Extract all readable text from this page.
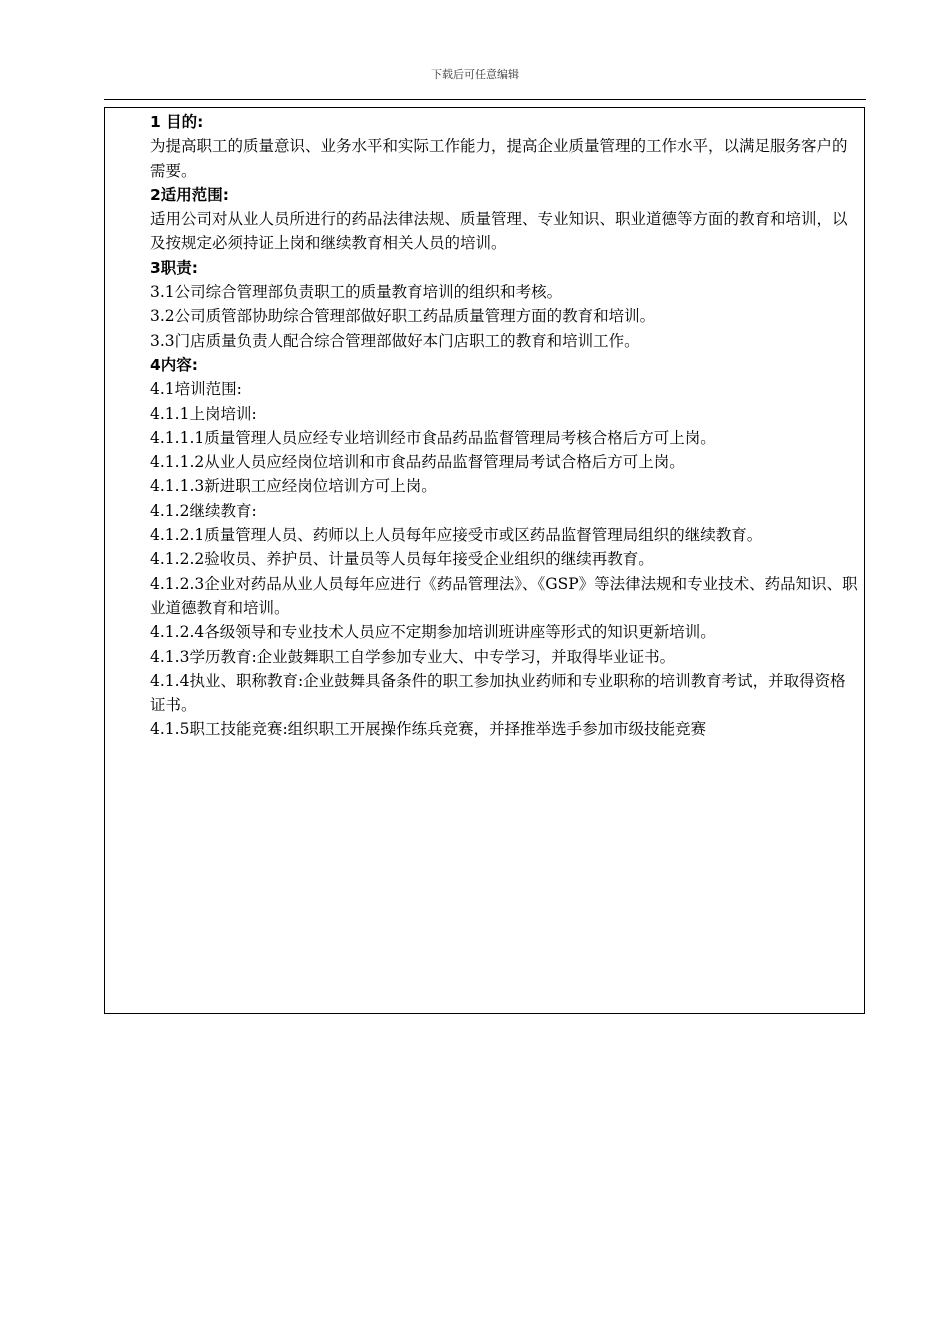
下载后可任意编辑

1 目的:

为提高职工的质量意识、业务水平和实际工作能力，提高企业质量管理的工作水平，以满足服务客户的需要。

2适用范围:

适用公司对从业人员所进行的药品法律法规、质量管理、专业知识、职业道德等方面的教育和培训，以及按规定必须持证上岗和继续教育相关人员的培训。

3职责:

3.1公司综合管理部负责职工的质量教育培训的组织和考核。

3.2公司质管部协助综合管理部做好职工药品质量管理方面的教育和培训。

3.3门店质量负责人配合综合管理部做好本门店职工的教育和培训工作。

4内容:

4.1培训范围:

4.1.1上岗培训:

4.1.1.1质量管理人员应经专业培训经市食品药品监督管理局考核合格后方可上岗。

4.1.1.2从业人员应经岗位培训和市食品药品监督管理局考试合格后方可上岗。

4.1.1.3新进职工应经岗位培训方可上岗。

4.1.2继续教育:

4.1.2.1质量管理人员、药师以上人员每年应接受市或区药品监督管理局组织的继续教育。

4.1.2.2验收员、养护员、计量员等人员每年接受企业组织的继续再教育。

4.1.2.3企业对药品从业人员每年应进行《药品管理法》、《GSP》等法律法规和专业技术、药品知识、职业道德教育和培训。

4.1.2.4各级领导和专业技术人员应不定期参加培训班讲座等形式的知识更新培训。

4.1.3学历教育:企业鼓舞职工自学参加专业大、中专学习，并取得毕业证书。

4.1.4执业、职称教育:企业鼓舞具备条件的职工参加执业药师和专业职称的培训教育考试，并取得资格证书。

4.1.5职工技能竞赛:组织职工开展操作练兵竞赛，并择推举选手参加市级技能竞赛
